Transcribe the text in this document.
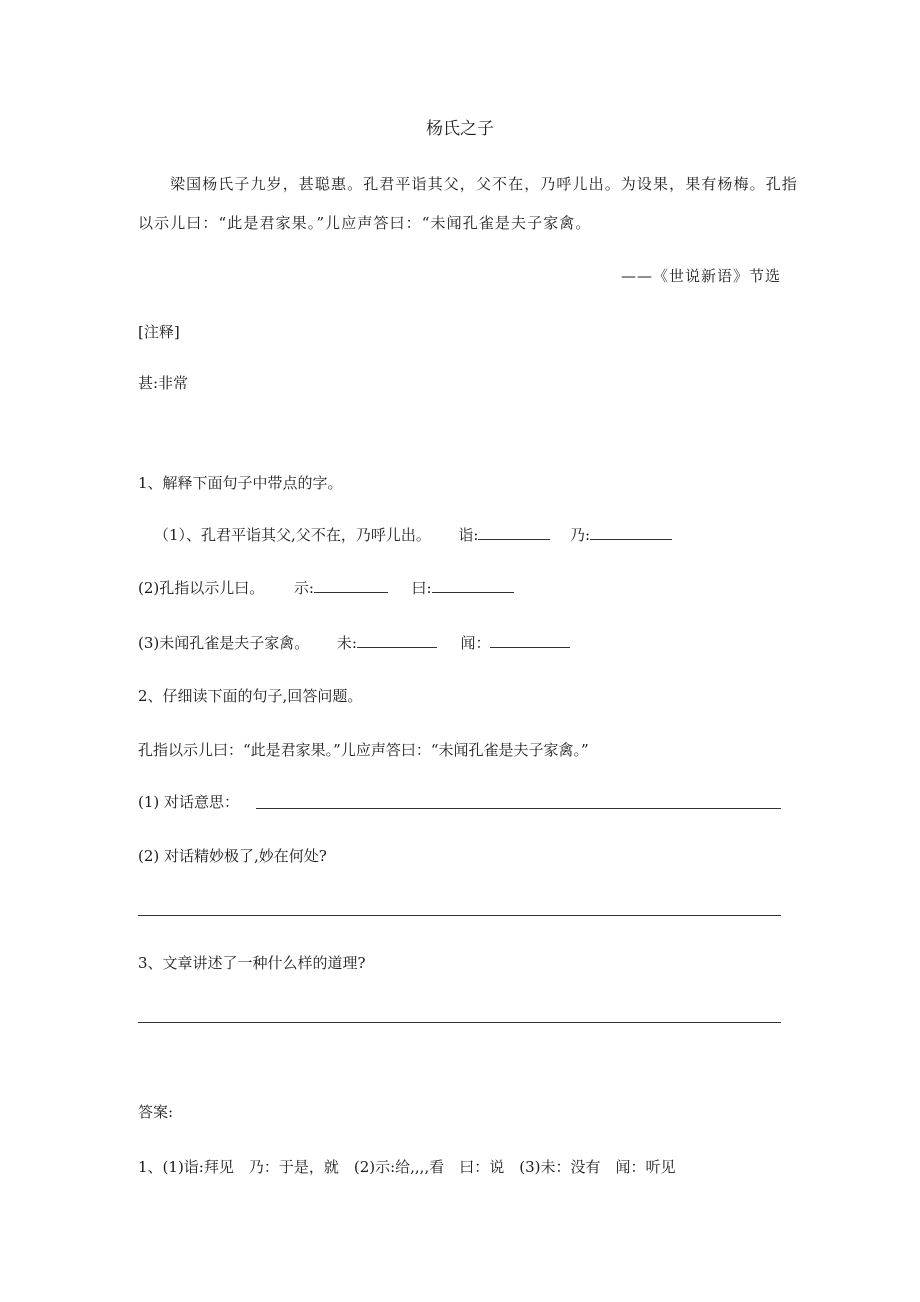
杨氏之子
梁国杨氏子九岁，甚聪惠。孔君平诣其父，父不在，乃呼儿出。为设果，果有杨梅。孔指
以示儿曰：“此是君家果。”儿应声答曰：“未闻孔雀是夫子家禽。
——《世说新语》节选
[注释]
甚:非常
1、解释下面句子中带点的字。
（1）、孔君平诣其父,父不在，乃呼儿出。 诣:	乃:
(2)孔指以示儿曰。 示:	曰:
(3)未闻孔雀是夫子家禽。 未:	闻：
2、仔细读下面的句子,回答问题。
孔指以示儿曰：“此是君家果。”儿应声答曰：“未闻孔雀是夫子家禽。”
(1) 对话意思：
(2) 对话精妙极了,妙在何处?
3、文章讲述了一种什么样的道理?
答案:
1、(1)诣:拜见　乃：于是，就　(2)示:给,,,,看　曰：说　(3)未：没有　闻：听见
